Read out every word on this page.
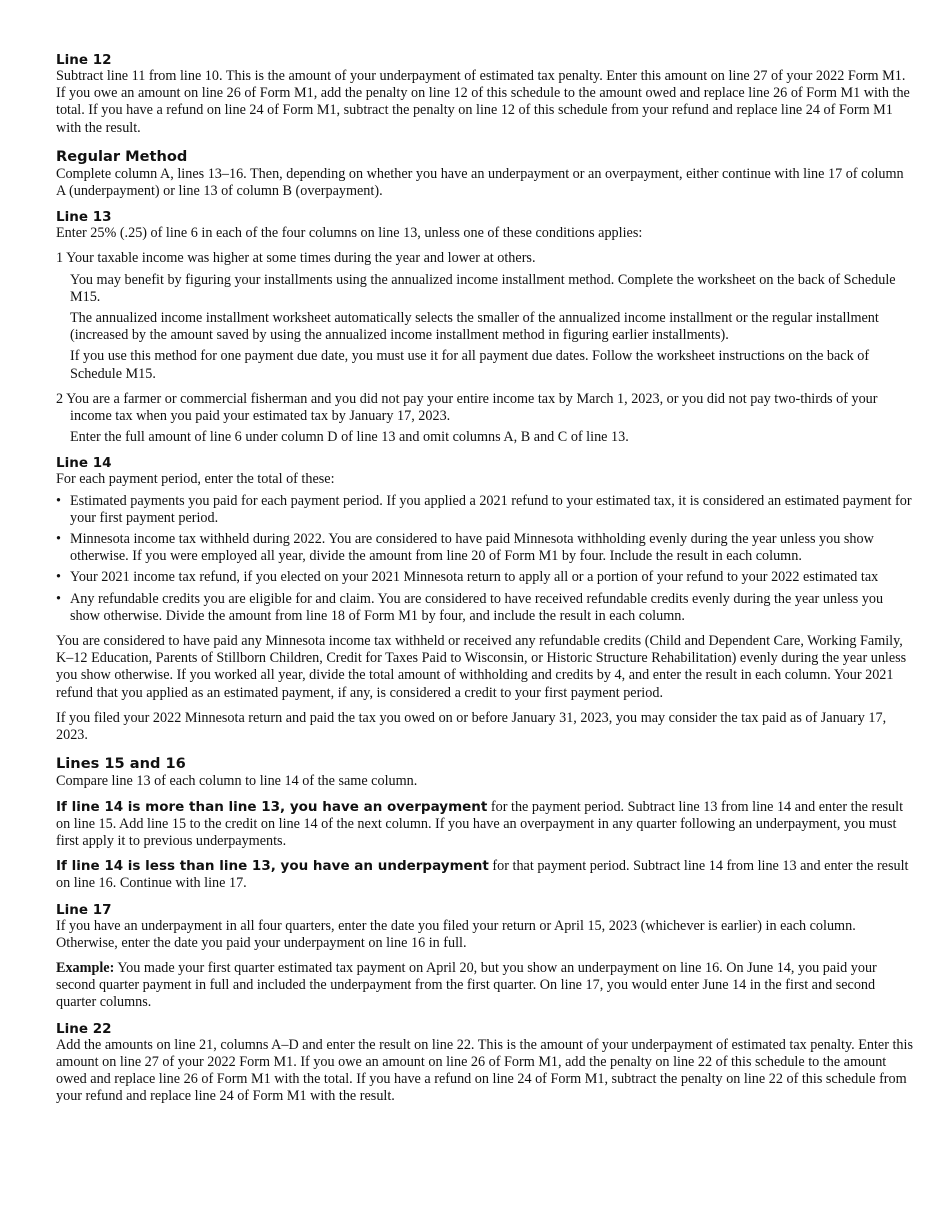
Line 12

Subtract line 11 from line 10. This is the amount of your underpayment of estimated tax penalty. Enter this amount on line 27 of your 2022 Form M1. If you owe an amount on line 26 of Form M1, add the penalty on line 12 of this schedule to the amount owed and replace line 26 of Form M1 with the total. If you have a refund on line 24 of Form M1, subtract the penalty on line 12 of this schedule from your refund and replace line 24 of Form M1 with the result.

Regular Method

Complete column A, lines 13–16. Then, depending on whether you have an underpayment or an overpayment, either continue with line 17 of column A (underpayment) or line 13 of column B (overpayment).

Line 13

Enter 25% (.25) of line 6 in each of the four columns on line 13, unless one of these conditions applies:

1 Your taxable income was higher at some times during the year and lower at others.

You may benefit by figuring your installments using the annualized income installment method. Complete the worksheet on the back of Schedule M15.

The annualized income installment worksheet automatically selects the smaller of the annualized income installment or the regular installment (increased by the amount saved by using the annualized income installment method in figuring earlier installments).

If you use this method for one payment due date, you must use it for all payment due dates. Follow the worksheet instructions on the back of Schedule M15.

2 You are a farmer or commercial fisherman and you did not pay your entire income tax by March 1, 2023, or you did not pay two-thirds of your income tax when you paid your estimated tax by January 17, 2023.

Enter the full amount of line 6 under column D of line 13 and omit columns A, B and C of line 13.

Line 14

For each payment period, enter the total of these:

• Estimated payments you paid for each payment period. If you applied a 2021 refund to your estimated tax, it is considered an estimated payment for your first payment period.
• Minnesota income tax withheld during 2022. You are considered to have paid Minnesota withholding evenly during the year unless you show otherwise. If you were employed all year, divide the amount from line 20 of Form M1 by four. Include the result in each column.
• Your 2021 income tax refund, if you elected on your 2021 Minnesota return to apply all or a portion of your refund to your 2022 estimated tax
• Any refundable credits you are eligible for and claim. You are considered to have received refundable credits evenly during the year unless you show otherwise. Divide the amount from line 18 of Form M1 by four, and include the result in each column.

You are considered to have paid any Minnesota income tax withheld or received any refundable credits (Child and Dependent Care, Working Family, K–12 Education, Parents of Stillborn Children, Credit for Taxes Paid to Wisconsin, or Historic Structure Rehabilitation) evenly during the year unless you show otherwise. If you worked all year, divide the total amount of withholding and credits by 4, and enter the result in each column. Your 2021 refund that you applied as an estimated payment, if any, is considered a credit to your first payment period.

If you filed your 2022 Minnesota return and paid the tax you owed on or before January 31, 2023, you may consider the tax paid as of January 17, 2023.

Lines 15 and 16

Compare line 13 of each column to line 14 of the same column.

If line 14 is more than line 13, you have an overpayment for the payment period. Subtract line 13 from line 14 and enter the result on line 15. Add line 15 to the credit on line 14 of the next column. If you have an overpayment in any quarter following an underpayment, you must first apply it to previous underpayments.

If line 14 is less than line 13, you have an underpayment for that payment period. Subtract line 14 from line 13 and enter the result on line 16. Continue with line 17.

Line 17

If you have an underpayment in all four quarters, enter the date you filed your return or April 15, 2023 (whichever is earlier) in each column. Otherwise, enter the date you paid your underpayment on line 16 in full.

Example: You made your first quarter estimated tax payment on April 20, but you show an underpayment on line 16. On June 14, you paid your second quarter payment in full and included the underpayment from the first quarter. On line 17, you would enter June 14 in the first and second quarter columns.

Line 22

Add the amounts on line 21, columns A–D and enter the result on line 22. This is the amount of your underpayment of estimated tax penalty. Enter this amount on line 27 of your 2022 Form M1. If you owe an amount on line 26 of Form M1, add the penalty on line 22 of this schedule to the amount owed and replace line 26 of Form M1 with the total. If you have a refund on line 24 of Form M1, subtract the penalty on line 22 of this schedule from your refund and replace line 24 of Form M1 with the result.
